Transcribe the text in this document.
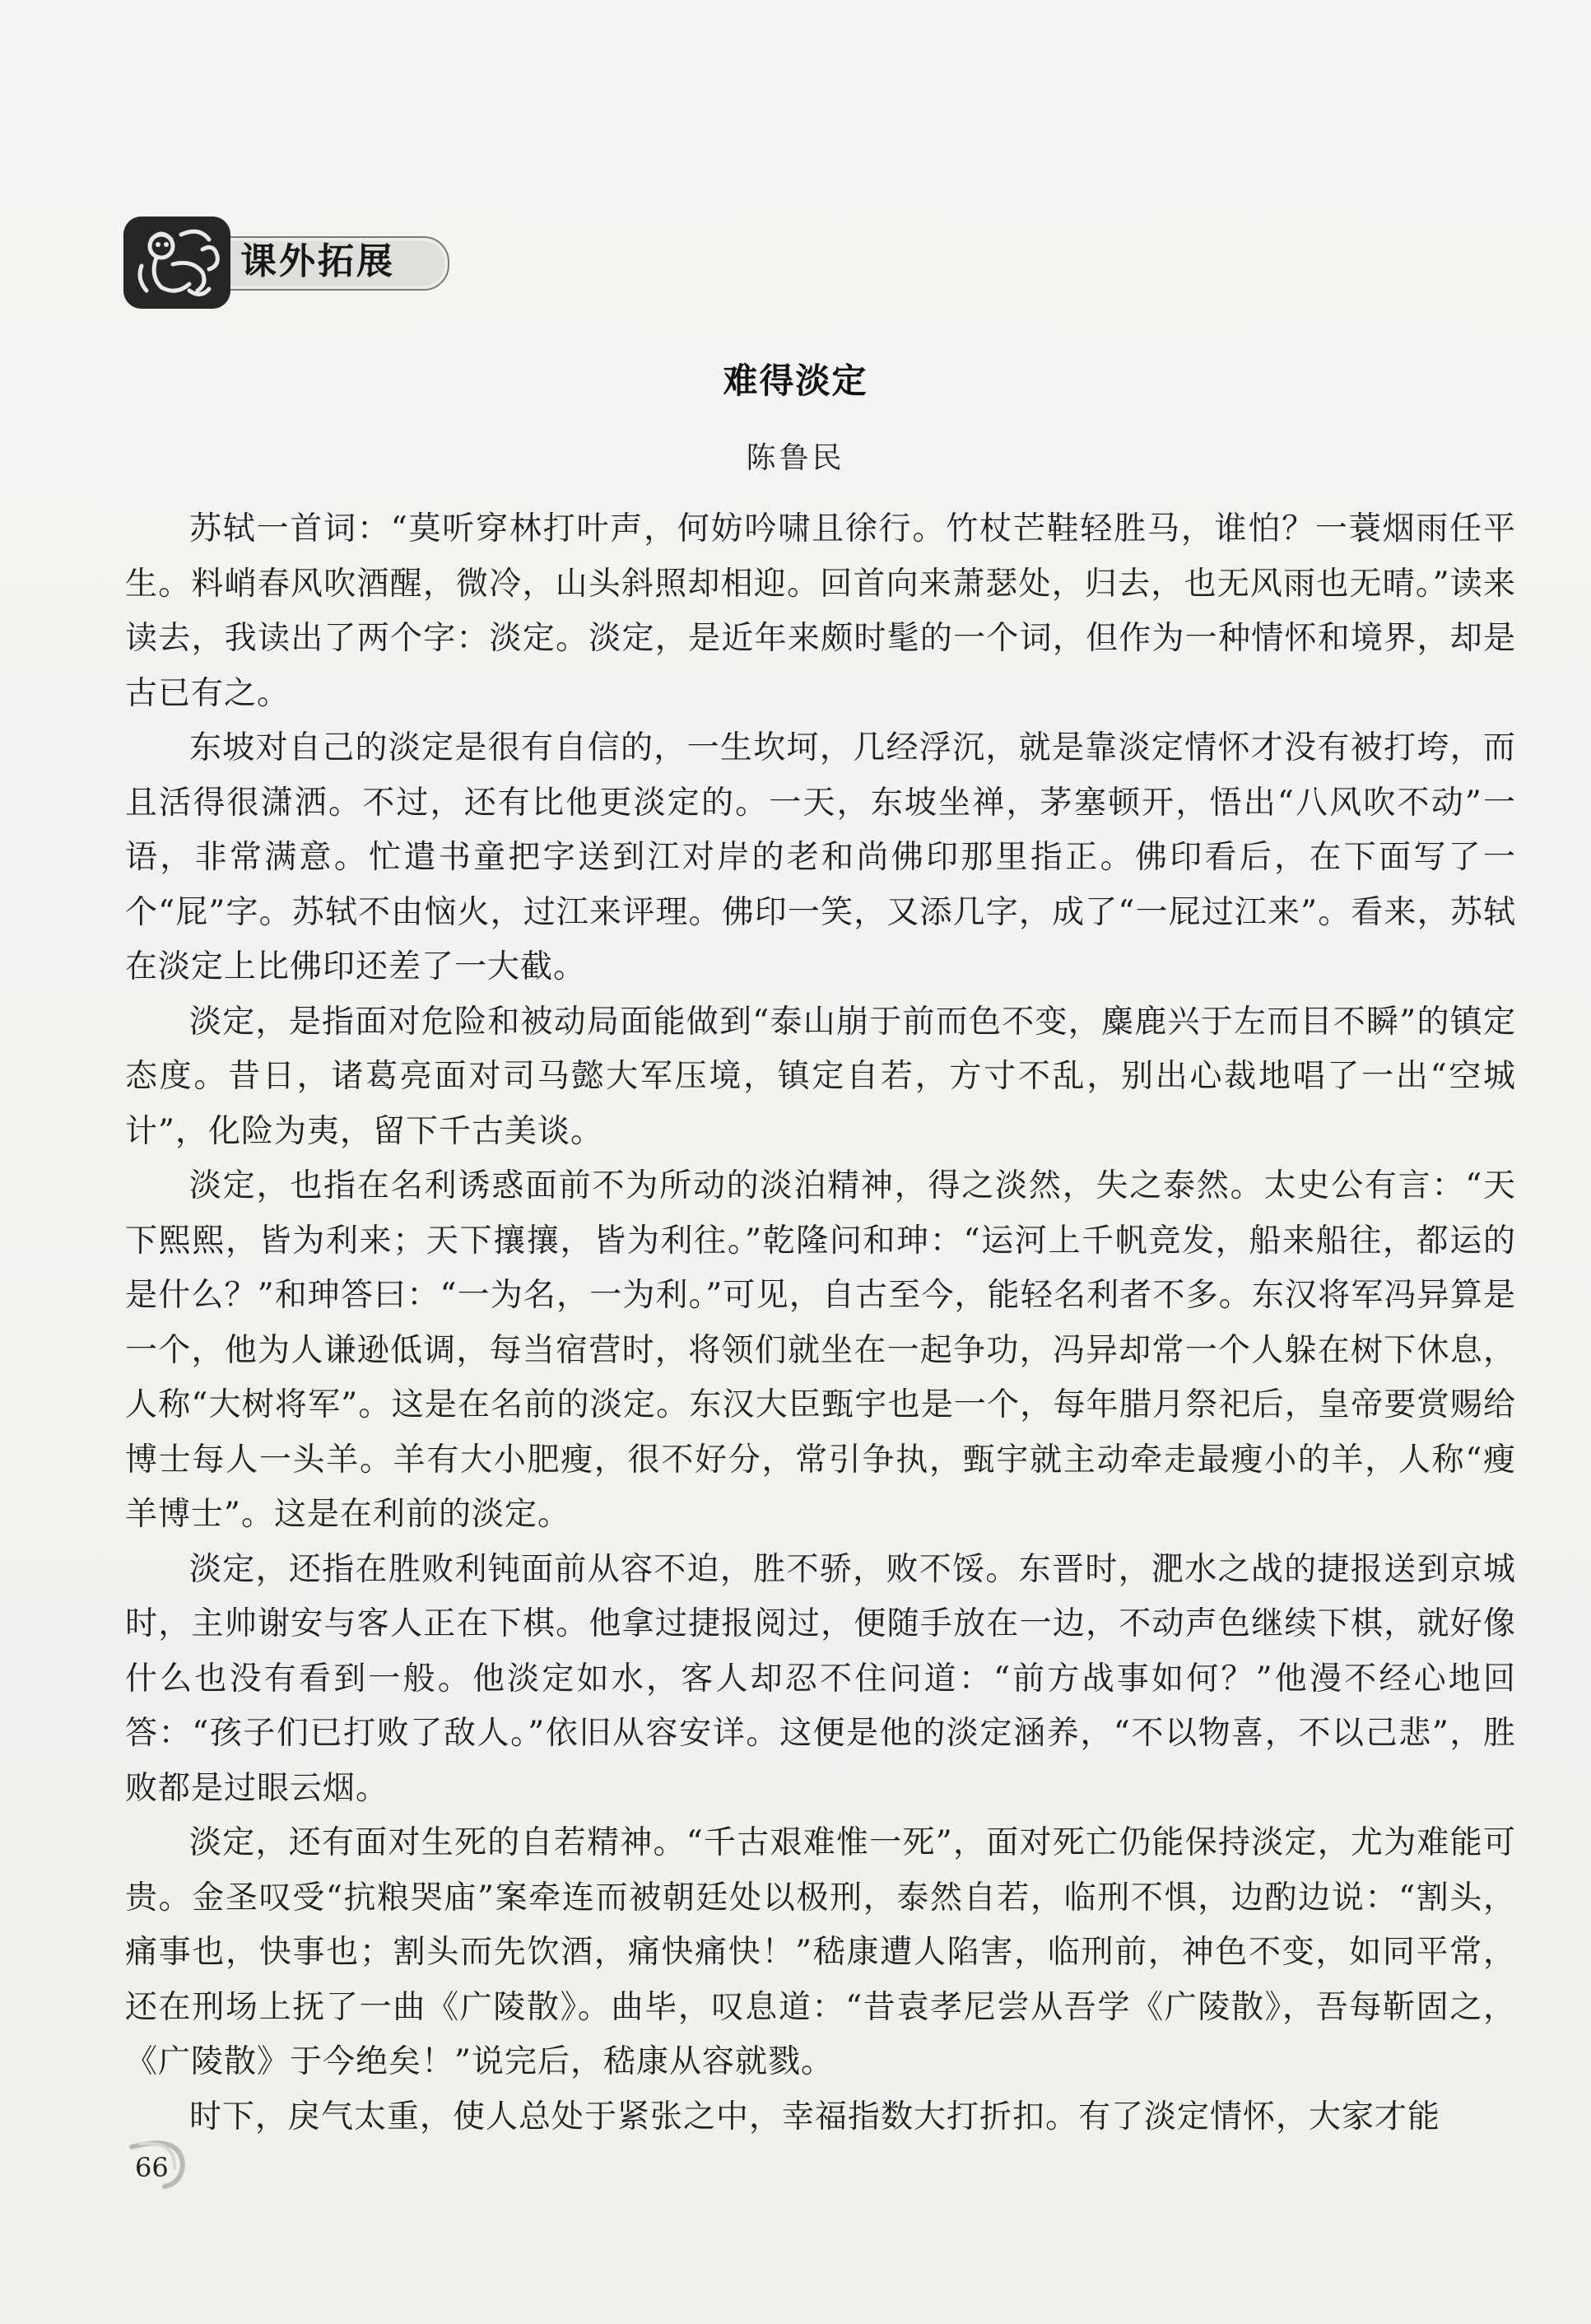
课外拓展
难得淡定
陈鲁民

苏轼一首词：“莫听穿林打叶声，何妨吟啸且徐行。竹杖芒鞋轻胜马，谁怕？一蓑烟雨任平生。料峭春风吹酒醒，微冷，山头斜照却相迎。回首向来萧瑟处，归去，也无风雨也无晴。”读来读去，我读出了两个字：淡定。淡定，是近年来颇时髦的一个词，但作为一种情怀和境界，却是古已有之。

东坡对自己的淡定是很有自信的，一生坎坷，几经浮沉，就是靠淡定情怀才没有被打垮，而且活得很潇洒。不过，还有比他更淡定的。一天，东坡坐禅，茅塞顿开，悟出“八风吹不动”一语，非常满意。忙遣书童把字送到江对岸的老和尚佛印那里指正。佛印看后，在下面写了一个“屁”字。苏轼不由恼火，过江来评理。佛印一笑，又添几字，成了“一屁过江来”。看来，苏轼在淡定上比佛印还差了一大截。

淡定，是指面对危险和被动局面能做到“泰山崩于前而色不变，麋鹿兴于左而目不瞬”的镇定态度。昔日，诸葛亮面对司马懿大军压境，镇定自若，方寸不乱，别出心裁地唱了一出“空城计”，化险为夷，留下千古美谈。

淡定，也指在名利诱惑面前不为所动的淡泊精神，得之淡然，失之泰然。太史公有言：“天下熙熙，皆为利来；天下攘攘，皆为利往。”乾隆问和珅：“运河上千帆竞发，船来船往，都运的是什么？”和珅答曰：“一为名，一为利。”可见，自古至今，能轻名利者不多。东汉将军冯异算是一个，他为人谦逊低调，每当宿营时，将领们就坐在一起争功，冯异却常一个人躲在树下休息，人称“大树将军”。这是在名前的淡定。东汉大臣甄宇也是一个，每年腊月祭祀后，皇帝要赏赐给博士每人一头羊。羊有大小肥瘦，很不好分，常引争执，甄宇就主动牵走最瘦小的羊，人称“瘦羊博士”。这是在利前的淡定。

淡定，还指在胜败利钝面前从容不迫，胜不骄，败不馁。东晋时，淝水之战的捷报送到京城时，主帅谢安与客人正在下棋。他拿过捷报阅过，便随手放在一边，不动声色继续下棋，就好像什么也没有看到一般。他淡定如水，客人却忍不住问道：“前方战事如何？”他漫不经心地回答：“孩子们已打败了敌人。”依旧从容安详。这便是他的淡定涵养，“不以物喜，不以己悲”，胜败都是过眼云烟。

淡定，还有面对生死的自若精神。“千古艰难惟一死”，面对死亡仍能保持淡定，尤为难能可贵。金圣叹受“抗粮哭庙”案牵连而被朝廷处以极刑，泰然自若，临刑不惧，边酌边说：“割头，痛事也，快事也；割头而先饮酒，痛快痛快！”嵇康遭人陷害，临刑前，神色不变，如同平常，还在刑场上抚了一曲《广陵散》。曲毕，叹息道：“昔袁孝尼尝从吾学《广陵散》，吾每靳固之，《广陵散》于今绝矣！”说完后，嵇康从容就戮。

时下，戾气太重，使人总处于紧张之中，幸福指数大打折扣。有了淡定情怀，大家才能

66
